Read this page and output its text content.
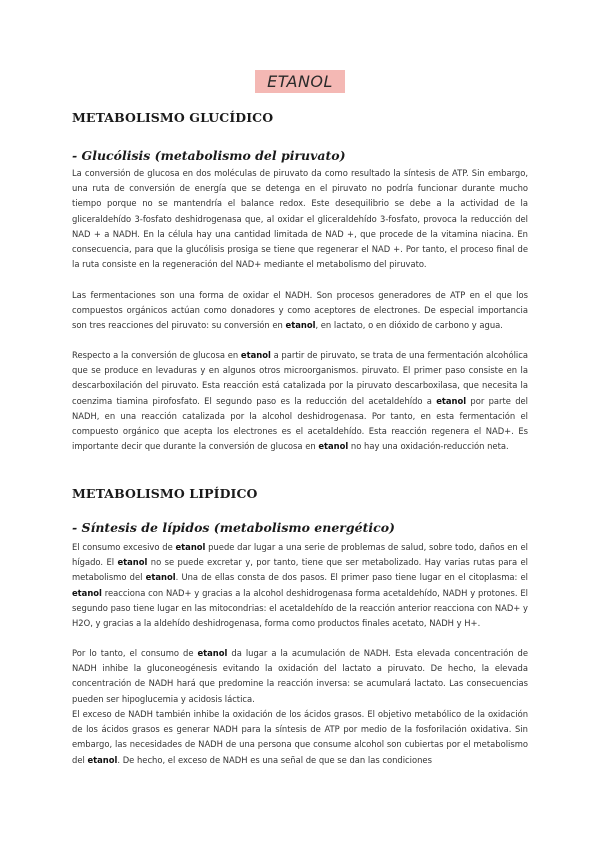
ETANOL
METABOLISMO GLUCÍDICO
- Glucólisis (metabolismo del piruvato)

La conversión de glucosa en dos moléculas de piruvato da como resultado la síntesis de ATP. Sin embargo, una ruta de conversión de energía que se detenga en el piruvato no podría funcionar durante mucho tiempo porque no se mantendría el balance redox. Este desequilibrio se debe a la actividad de la gliceraldehído 3-fosfato deshidrogenasa que, al oxidar el gliceraldehído 3-fosfato, provoca la reducción del NAD + a NADH. En la célula hay una cantidad limitada de NAD +, que procede de la vitamina niacina. En consecuencia, para que la glucólisis prosiga se tiene que regenerar el NAD +. Por tanto, el proceso final de la ruta consiste en la regeneración del NAD+ mediante el metabolismo del piruvato.

Las fermentaciones son una forma de oxidar el NADH. Son procesos generadores de ATP en el que los compuestos orgánicos actúan como donadores y como aceptores de electrones. De especial importancia son tres reacciones del piruvato: su conversión en etanol, en lactato, o en dióxido de carbono y agua.

Respecto a la conversión de glucosa en etanol a partir de piruvato, se trata de una fermentación alcohólica que se produce en levaduras y en algunos otros microorganismos. piruvato. El primer paso consiste en la descarboxilación del piruvato. Esta reacción está catalizada por la piruvato descarboxilasa, que necesita la coenzima tiamina pirofosfato. El segundo paso es la reducción del acetaldehído a etanol por parte del NADH, en una reacción catalizada por la alcohol deshidrogenasa. Por tanto, en esta fermentación el compuesto orgánico que acepta los electrones es el acetaldehído. Esta reacción regenera el NAD+. Es importante decir que durante la conversión de glucosa en etanol no hay una oxidación-reducción neta.

METABOLISMO LIPÍDICO
- Síntesis de lípidos (metabolismo energético)

El consumo excesivo de etanol puede dar lugar a una serie de problemas de salud, sobre todo, daños en el hígado. El etanol no se puede excretar y, por tanto, tiene que ser metabolizado. Hay varias rutas para el metabolismo del etanol. Una de ellas consta de dos pasos. El primer paso tiene lugar en el citoplasma: el etanol reacciona con NAD+ y gracias a la alcohol deshidrogenasa forma acetaldehído, NADH y protones. El segundo paso tiene lugar en las mitocondrias: el acetaldehído de la reacción anterior reacciona con NAD+ y H2O, y gracias a la aldehído deshidrogenasa, forma como productos finales acetato, NADH y H+.

Por lo tanto, el consumo de etanol da lugar a la acumulación de NADH. Esta elevada concentración de NADH inhibe la gluconeogénesis evitando la oxidación del lactato a piruvato. De hecho, la elevada concentración de NADH hará que predomine la reacción inversa: se acumulará lactato. Las consecuencias pueden ser hipoglucemia y acidosis láctica.

El exceso de NADH también inhibe la oxidación de los ácidos grasos. El objetivo metabólico de la oxidación de los ácidos grasos es generar NADH para la síntesis de ATP por medio de la fosforilación oxidativa. Sin embargo, las necesidades de NADH de una persona que consume alcohol son cubiertas por el metabolismo del etanol. De hecho, el exceso de NADH es una señal de que se dan las condiciones
